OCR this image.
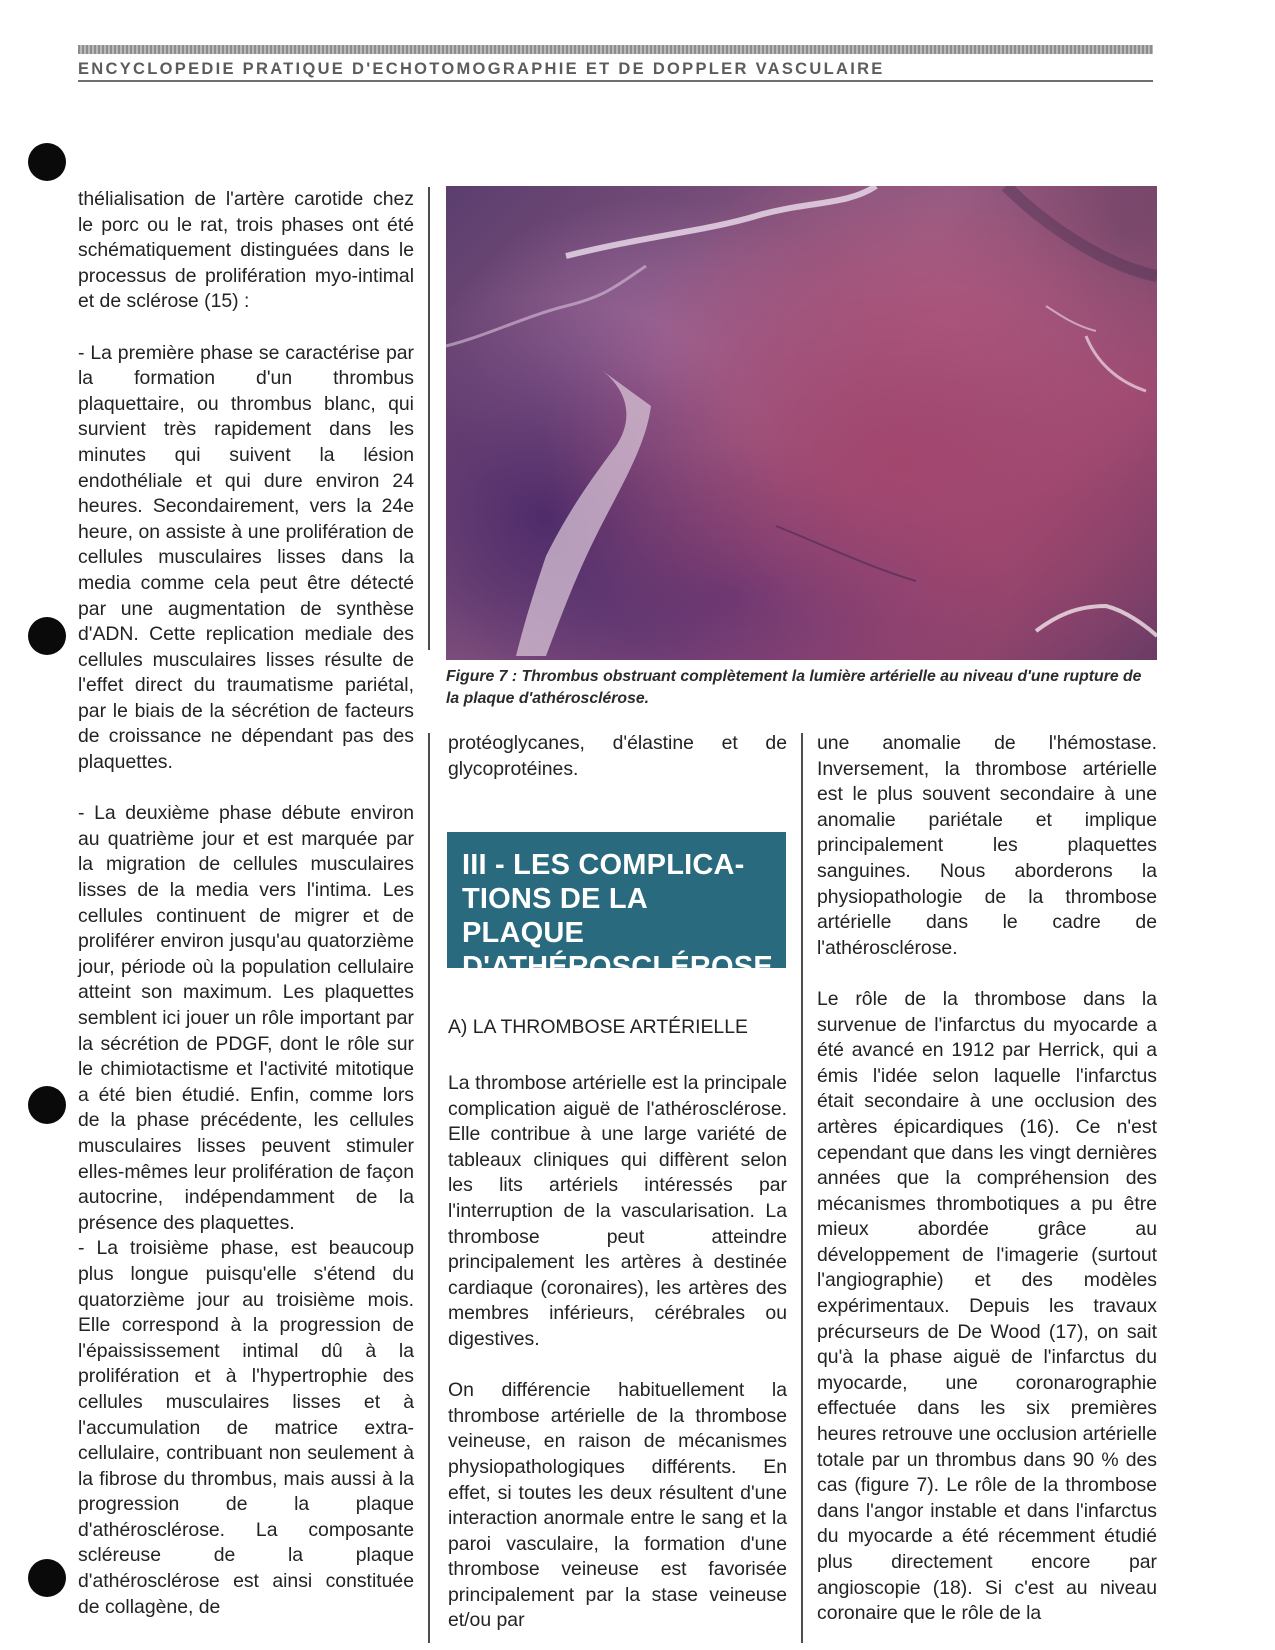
ENCYCLOPEDIE PRATIQUE D'ECHOTOMOGRAPHIE ET DE DOPPLER VASCULAIRE

thélialisation de l'artère carotide chez le porc ou le rat, trois phases ont été schématiquement distinguées dans le processus de prolifération myo-intimal et de sclérose (15) :

- La première phase se caractérise par la formation d'un thrombus plaquettaire, ou thrombus blanc, qui survient très rapidement dans les minutes qui suivent la lésion endothéliale et qui dure environ 24 heures. Secondairement, vers la 24e heure, on assiste à une prolifération de cellules musculaires lisses dans la media comme cela peut être détecté par une augmentation de synthèse d'ADN. Cette replication mediale des cellules musculaires lisses résulte de l'effet direct du traumatisme pariétal, par le biais de la sécrétion de facteurs de croissance ne dépendant pas des plaquettes.

- La deuxième phase débute environ au quatrième jour et est marquée par la migration de cellules musculaires lisses de la media vers l'intima. Les cellules continuent de migrer et de proliférer environ jusqu'au quatorzième jour, période où la population cellulaire atteint son maximum. Les plaquettes semblent ici jouer un rôle important par la sécrétion de PDGF, dont le rôle sur le chimiotactisme et l'activité mitotique a été bien étudié. Enfin, comme lors de la phase précédente, les cellules musculaires lisses peuvent stimuler elles-mêmes leur prolifération de façon autocrine, indépendamment de la présence des plaquettes.

- La troisième phase, est beaucoup plus longue puisqu'elle s'étend du quatorzième jour au troisième mois. Elle correspond à la progression de l'épaississement intimal dû à la prolifération et à l'hypertrophie des cellules musculaires lisses et à l'accumulation de matrice extra-cellulaire, contribuant non seulement à la fibrose du thrombus, mais aussi à la progression de la plaque d'athérosclérose. La composante scléreuse de la plaque d'athérosclérose est ainsi constituée de collagène, de

Figure 7 : Thrombus obstruant complètement la lumière artérielle au niveau d'une rupture de la plaque d'athérosclérose.

protéoglycanes, d'élastine et de glycoprotéines.

III - LES COMPLICA-
TIONS DE LA PLAQUE
D'ATHÉROSCLÉROSE
A) LA THROMBOSE ARTÉRIELLE

La thrombose artérielle est la principale complication aiguë de l'athérosclérose. Elle contribue à une large variété de tableaux cliniques qui diffèrent selon les lits artériels intéressés par l'interruption de la vascularisation. La thrombose peut atteindre principalement les artères à destinée cardiaque (coronaires), les artères des membres inférieurs, cérébrales ou digestives.

On différencie habituellement la thrombose artérielle de la thrombose veineuse, en raison de mécanismes physiopathologiques différents. En effet, si toutes les deux résultent d'une interaction anormale entre le sang et la paroi vasculaire, la formation d'une thrombose veineuse est favorisée principalement par la stase veineuse et/ou par

une anomalie de l'hémostase. Inversement, la thrombose artérielle est le plus souvent secondaire à une anomalie pariétale et implique principalement les plaquettes sanguines. Nous aborderons la physiopathologie de la thrombose artérielle dans le cadre de l'athérosclérose.

Le rôle de la thrombose dans la survenue de l'infarctus du myocarde a été avancé en 1912 par Herrick, qui a émis l'idée selon laquelle l'infarctus était secondaire à une occlusion des artères épicardiques (16). Ce n'est cependant que dans les vingt dernières années que la compréhension des mécanismes thrombotiques a pu être mieux abordée grâce au développement de l'imagerie (surtout l'angiographie) et des modèles expérimentaux. Depuis les travaux précurseurs de De Wood (17), on sait qu'à la phase aiguë de l'infarctus du myocarde, une coronarographie effectuée dans les six premières heures retrouve une occlusion artérielle totale par un thrombus dans 90 % des cas (figure 7). Le rôle de la thrombose dans l'angor instable et dans l'infarctus du myocarde a été récemment étudié plus directement encore par angioscopie (18). Si c'est au niveau coronaire que le rôle de la
